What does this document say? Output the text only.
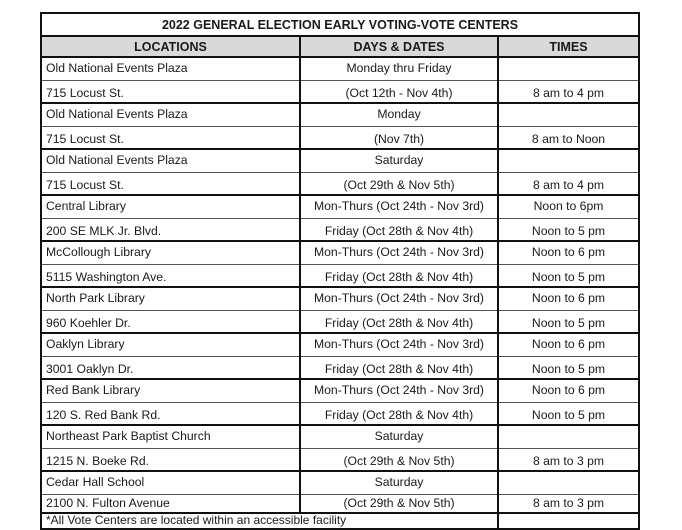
2022 GENERAL ELECTION EARLY VOTING-VOTE CENTERS		
LOCATIONS	DAYS & DATES	TIMES
Old National Events Plaza	Monday thru Friday	
715 Locust St.	(Oct 12th - Nov 4th)	8 am to 4 pm
Old National Events Plaza	Monday	
715 Locust St.	(Nov 7th)	8 am to Noon
Old National Events Plaza	Saturday	
715 Locust St.	(Oct 29th & Nov 5th)	8 am to 4 pm
Central Library	Mon-Thurs (Oct 24th - Nov 3rd)	Noon to 6pm
200 SE MLK Jr. Blvd.	Friday (Oct 28th & Nov 4th)	Noon to 5 pm
McCollough Library	Mon-Thurs (Oct 24th - Nov 3rd)	Noon to 6 pm
5115 Washington Ave.	Friday (Oct 28th & Nov 4th)	Noon to 5 pm
North Park Library	Mon-Thurs (Oct 24th - Nov 3rd)	Noon to 6 pm
960 Koehler Dr.	Friday (Oct 28th & Nov 4th)	Noon to 5 pm
Oaklyn Library	Mon-Thurs (Oct 24th - Nov 3rd)	Noon to 6 pm
3001 Oaklyn Dr.	Friday (Oct 28th & Nov 4th)	Noon to 5 pm
Red Bank Library	Mon-Thurs (Oct 24th - Nov 3rd)	Noon to 6 pm
120 S. Red Bank Rd.	Friday (Oct 28th & Nov 4th)	Noon to 5 pm
Northeast Park Baptist Church	Saturday	
1215 N. Boeke Rd.	(Oct 29th & Nov 5th)	8 am to 3 pm
Cedar Hall School	Saturday	
2100 N. Fulton Avenue	(Oct 29th & Nov 5th)	8 am to 3 pm
*All Vote Centers are located within an accessible facility		
